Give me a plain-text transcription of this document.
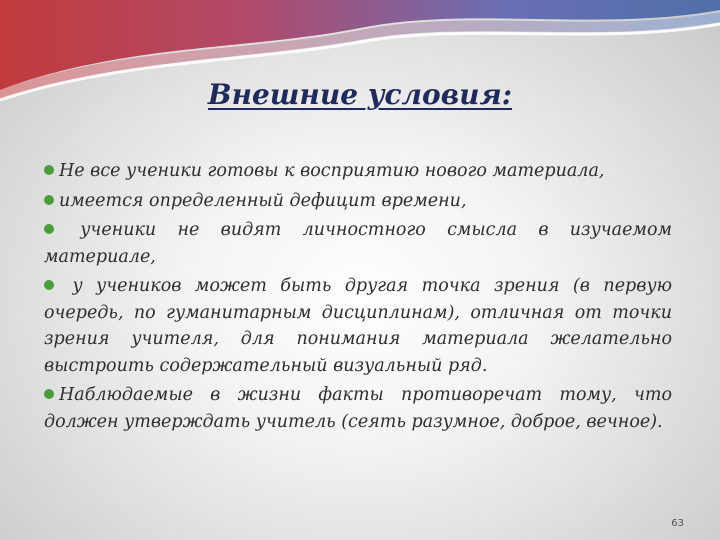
Внешние условия:

Не все ученики готовы к восприятию нового материала,

имеется определенный дефицит времени,

ученики не видят личностного смысла в изучаемом материале,

у учеников может быть другая точка зрения (в первую очередь, по гуманитарным дисциплинам), отличная от точки зрения учителя, для понимания материала желательно выстроить содержательный визуальный ряд.

Наблюдаемые в жизни факты противоречат тому, что должен утверждать учитель (сеять разумное, доброе, вечное).

63
